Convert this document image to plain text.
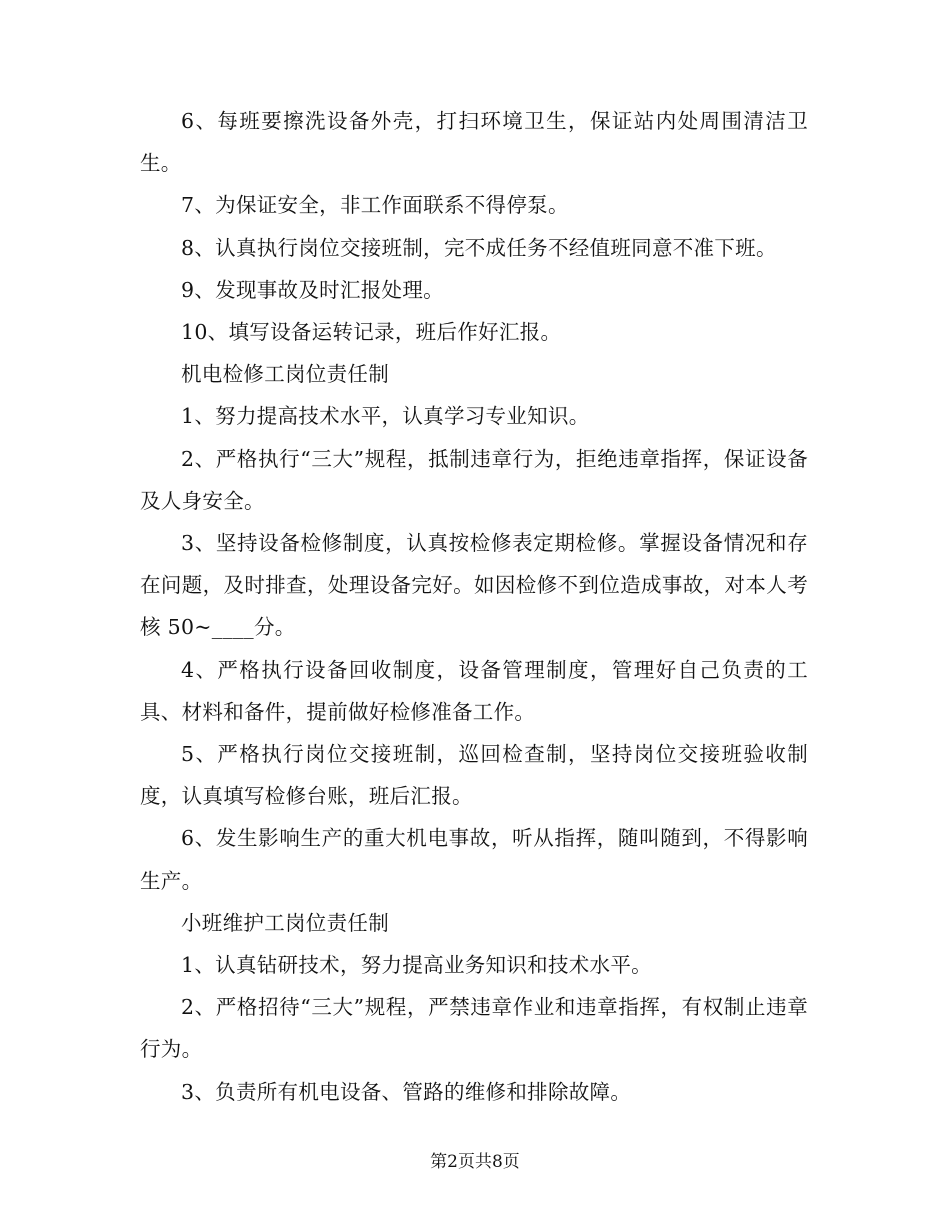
6、每班要擦洗设备外壳，打扫环境卫生，保证站内处周围清洁卫生。

7、为保证安全，非工作面联系不得停泵。

8、认真执行岗位交接班制，完不成任务不经值班同意不准下班。

9、发现事故及时汇报处理。

10、填写设备运转记录，班后作好汇报。

机电检修工岗位责任制

1、努力提高技术水平，认真学习专业知识。

2、严格执行“三大”规程，抵制违章行为，拒绝违章指挥，保证设备及人身安全。

3、坚持设备检修制度，认真按检修表定期检修。掌握设备情况和存在问题，及时排查，处理设备完好。如因检修不到位造成事故，对本人考核 50~____分。

4、严格执行设备回收制度，设备管理制度，管理好自己负责的工具、材料和备件，提前做好检修准备工作。

5、严格执行岗位交接班制，巡回检查制，坚持岗位交接班验收制度，认真填写检修台账，班后汇报。

6、发生影响生产的重大机电事故，听从指挥，随叫随到，不得影响生产。

小班维护工岗位责任制

1、认真钻研技术，努力提高业务知识和技术水平。

2、严格招待“三大”规程，严禁违章作业和违章指挥，有权制止违章行为。

3、负责所有机电设备、管路的维修和排除故障。

第2页共8页
